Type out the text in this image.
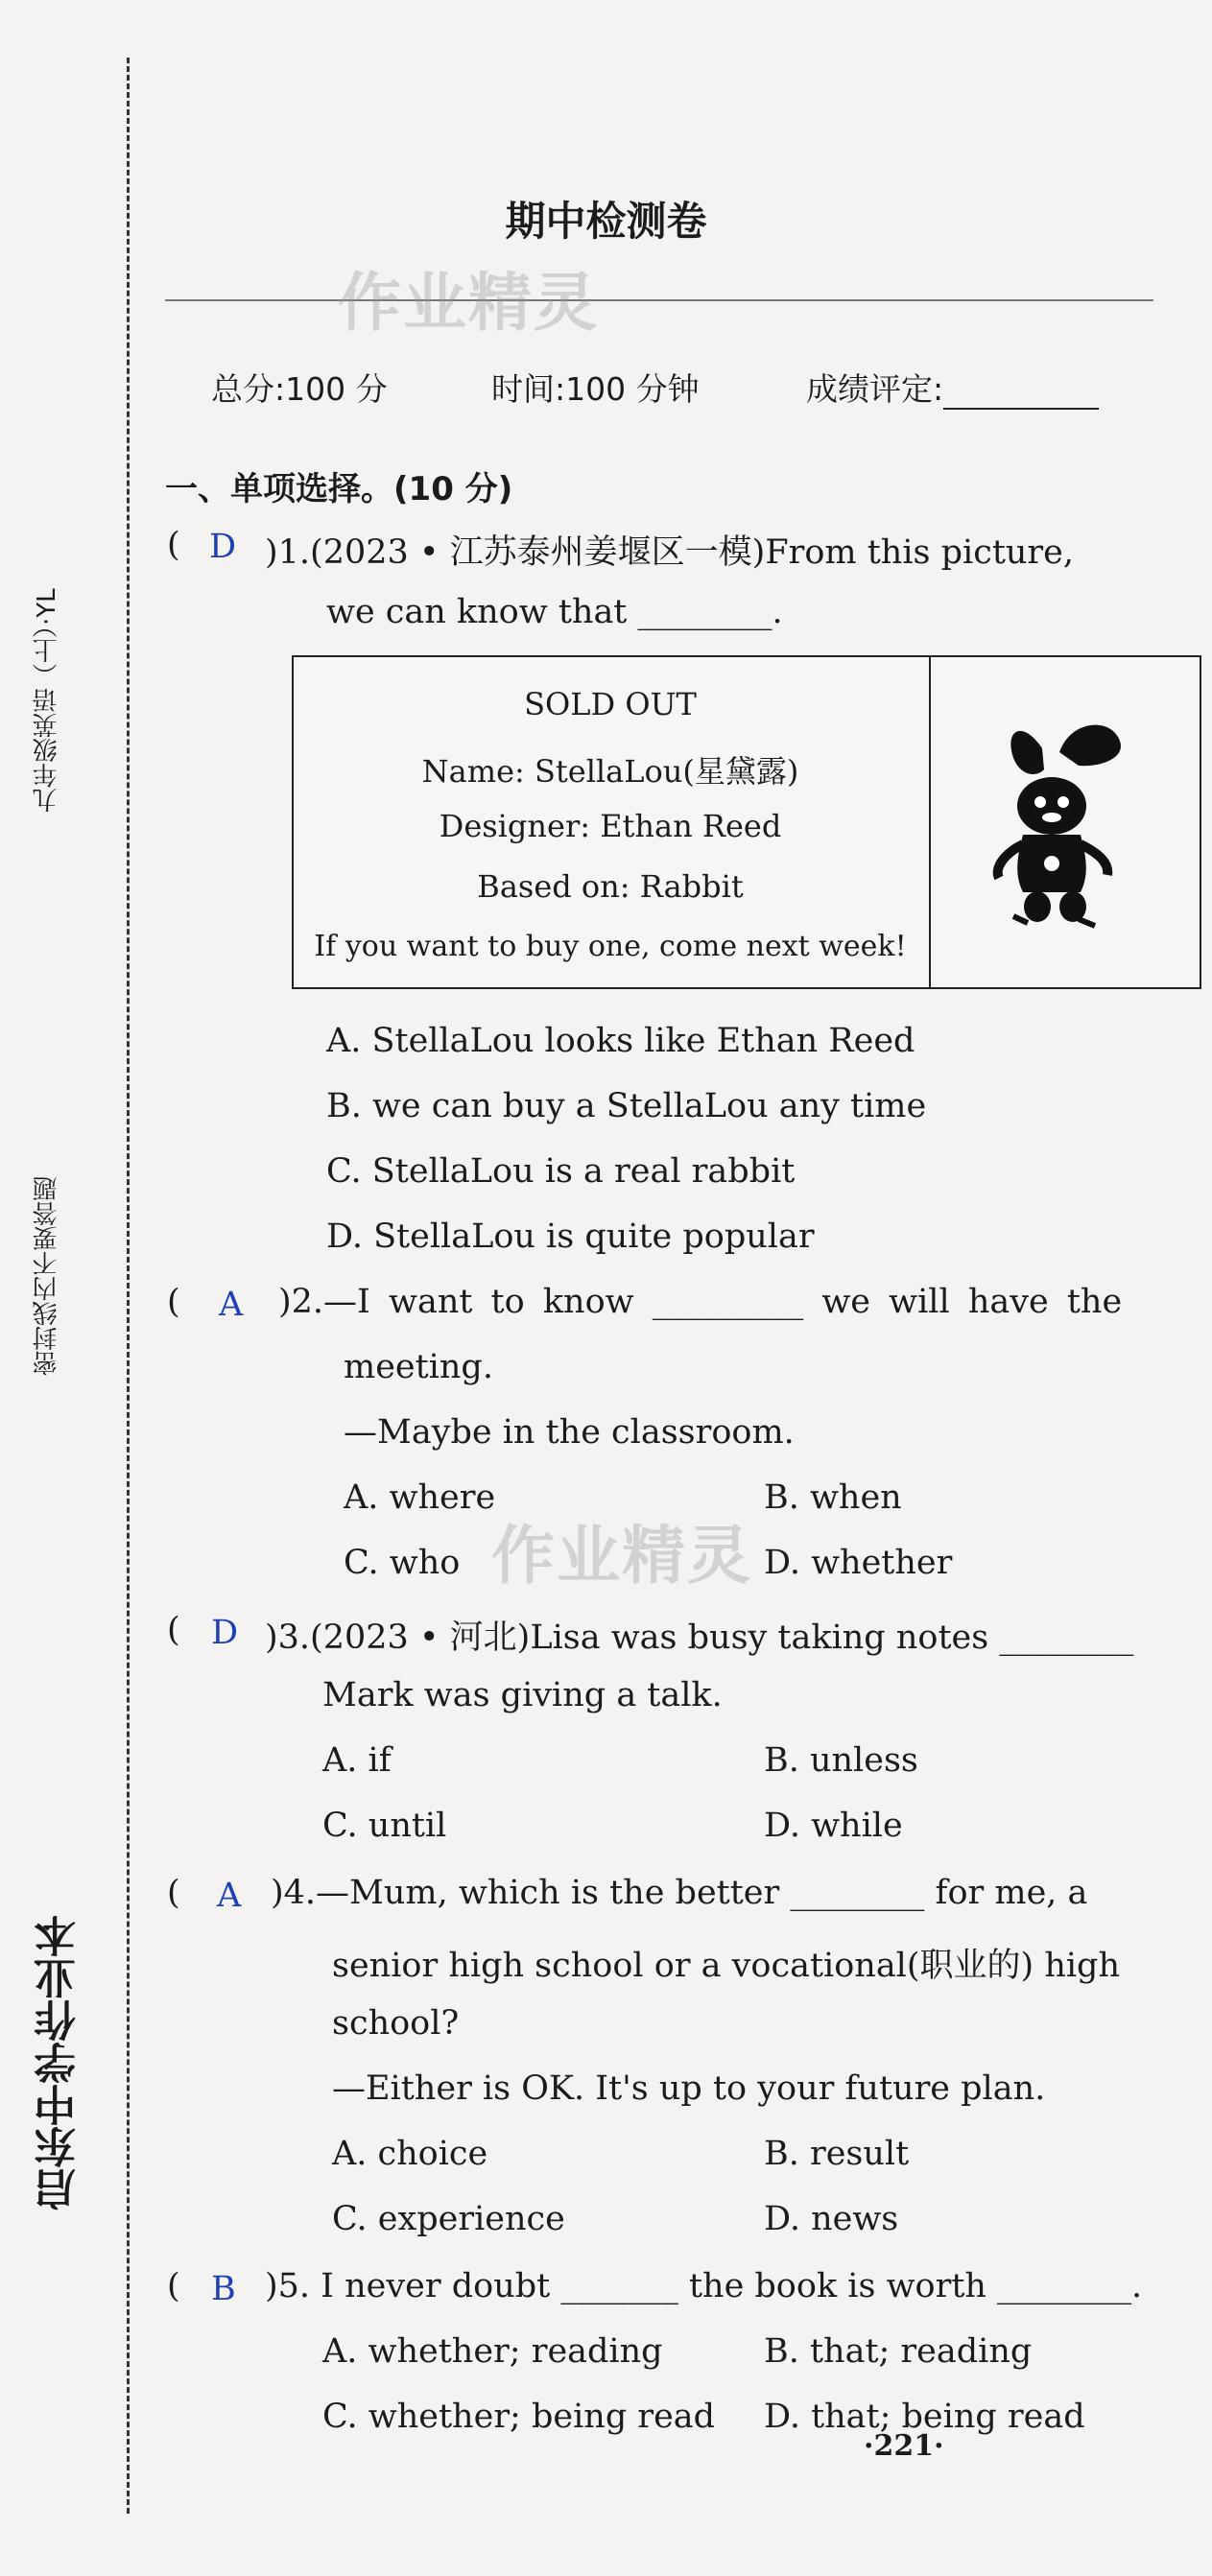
九年级英语（上）·YL
密封线内不要答题
启东中学作业本
期中检测卷
作业精灵
作业精灵
总分:100 分	时间:100 分钟	成绩评定:
一、单项选择。(10 分)
( D )1.(2023 • 江苏泰州姜堰区一模)From this picture,
we can know that ________.
SOLD OUT
Name: StellaLou(星黛露)
Designer: Ethan Reed
Based on: Rabbit
If you want to buy one, come next week!
A. StellaLou looks like Ethan Reed
B. we can buy a StellaLou any time
C. StellaLou is a real rabbit
D. StellaLou is quite popular
( A )2.—I want to know _________ we will have the
meeting.
—Maybe in the classroom.
A. where	B. when
C. who	D. whether
( D )3.(2023 • 河北)Lisa was busy taking notes ________
Mark was giving a talk.
A. if	B. unless
C. until	D. while
( A )4.—Mum, which is the better ________ for me, a
senior high school or a vocational(职业的) high
school?
—Either is OK. It's up to your future plan.
A. choice	B. result
C. experience	D. news
( B )5. I never doubt _______ the book is worth ________.
A. whether; reading	B. that; reading
C. whether; being read D. that; being read
·221·
